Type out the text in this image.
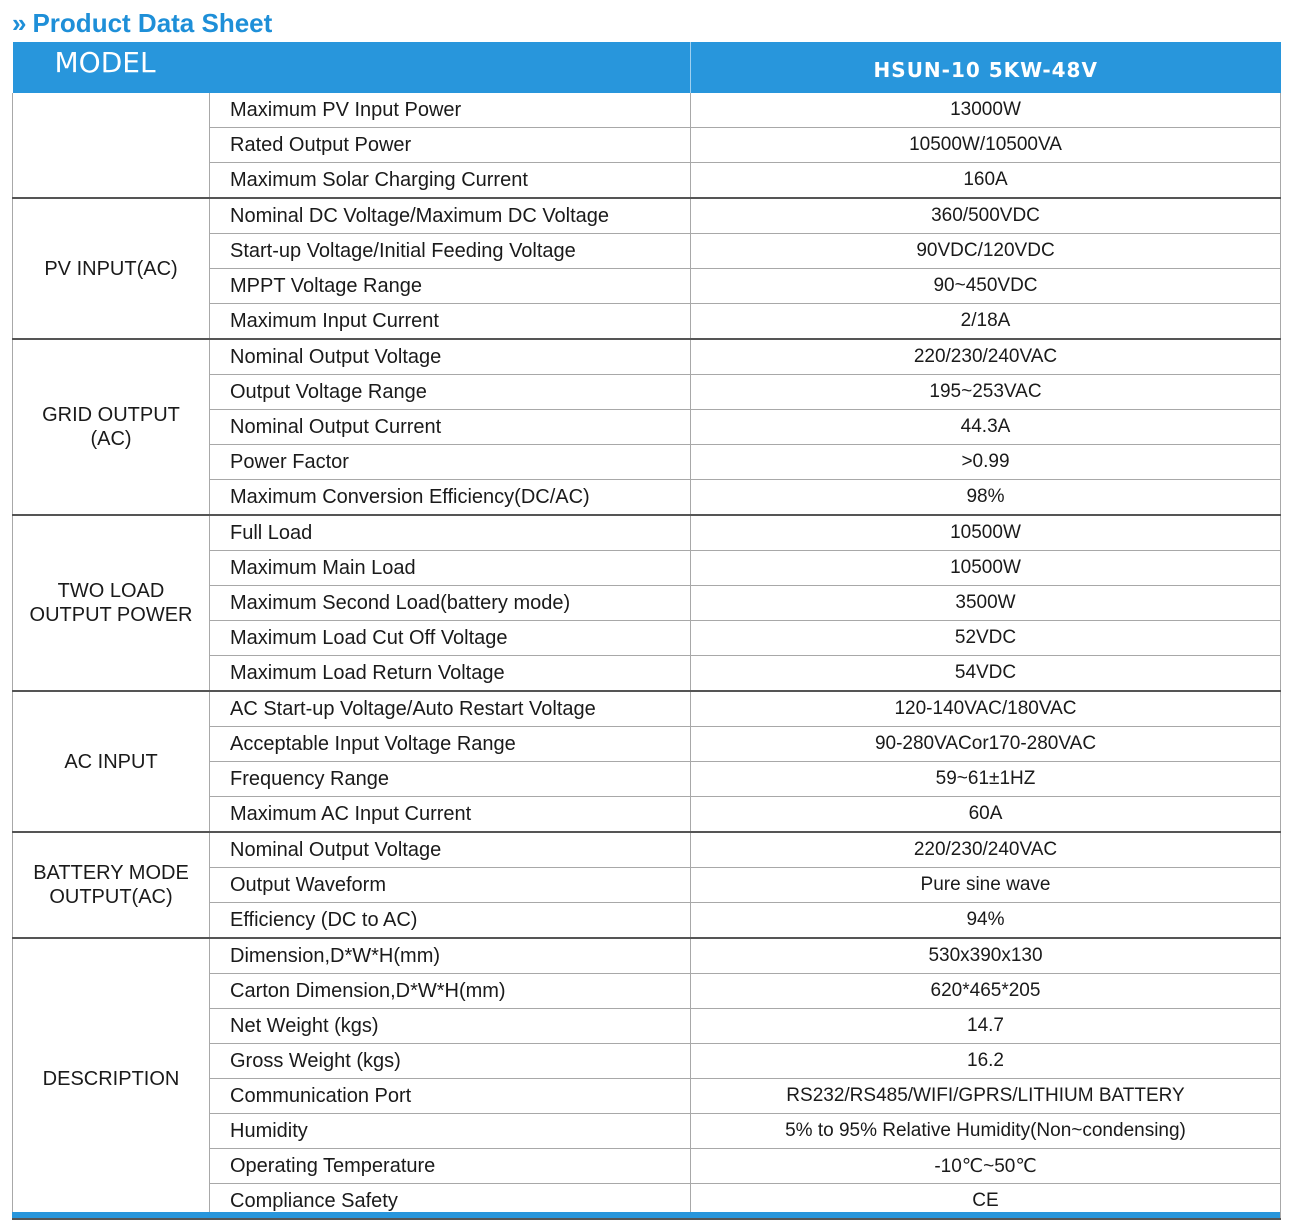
» Product Data Sheet
MODEL		HSUN-10 5KW-48V
	Maximum PV Input Power	13000W
	Rated Output Power	10500W/10500VA
	Maximum Solar Charging Current	160A
PV INPUT(AC)	Nominal DC Voltage/Maximum DC Voltage	360/500VDC
	Start-up Voltage/Initial Feeding Voltage	90VDC/120VDC
	MPPT Voltage Range	90~450VDC
	Maximum Input Current	2/18A
GRID OUTPUT
(AC)	Nominal Output Voltage	220/230/240VAC
	Output Voltage Range	195~253VAC
	Nominal Output Current	44.3A
	Power Factor	>0.99
	Maximum Conversion Efficiency(DC/AC)	98%
TWO LOAD
OUTPUT POWER	Full Load	10500W
	Maximum Main Load	10500W
	Maximum Second Load(battery mode)	3500W
	Maximum Load Cut Off Voltage	52VDC
	Maximum Load Return Voltage	54VDC
AC INPUT	AC Start-up Voltage/Auto Restart Voltage	120-140VAC/180VAC
	Acceptable Input Voltage Range	90-280VACor170-280VAC
	Frequency Range	59~61±1HZ
	Maximum AC Input Current	60A
BATTERY MODE
OUTPUT(AC)	Nominal Output Voltage	220/230/240VAC
	Output Waveform	Pure sine wave
	Efficiency (DC to AC)	94%
DESCRIPTION	Dimension,D*W*H(mm)	530x390x130
	Carton Dimension,D*W*H(mm)	620*465*205
	Net Weight (kgs)	14.7
	Gross Weight (kgs)	16.2
	Communication Port	RS232/RS485/WIFI/GPRS/LITHIUM BATTERY
	Humidity	5% to 95% Relative Humidity(Non~condensing)
	Operating Temperature	-10℃~50℃
	Compliance Safety	CE
